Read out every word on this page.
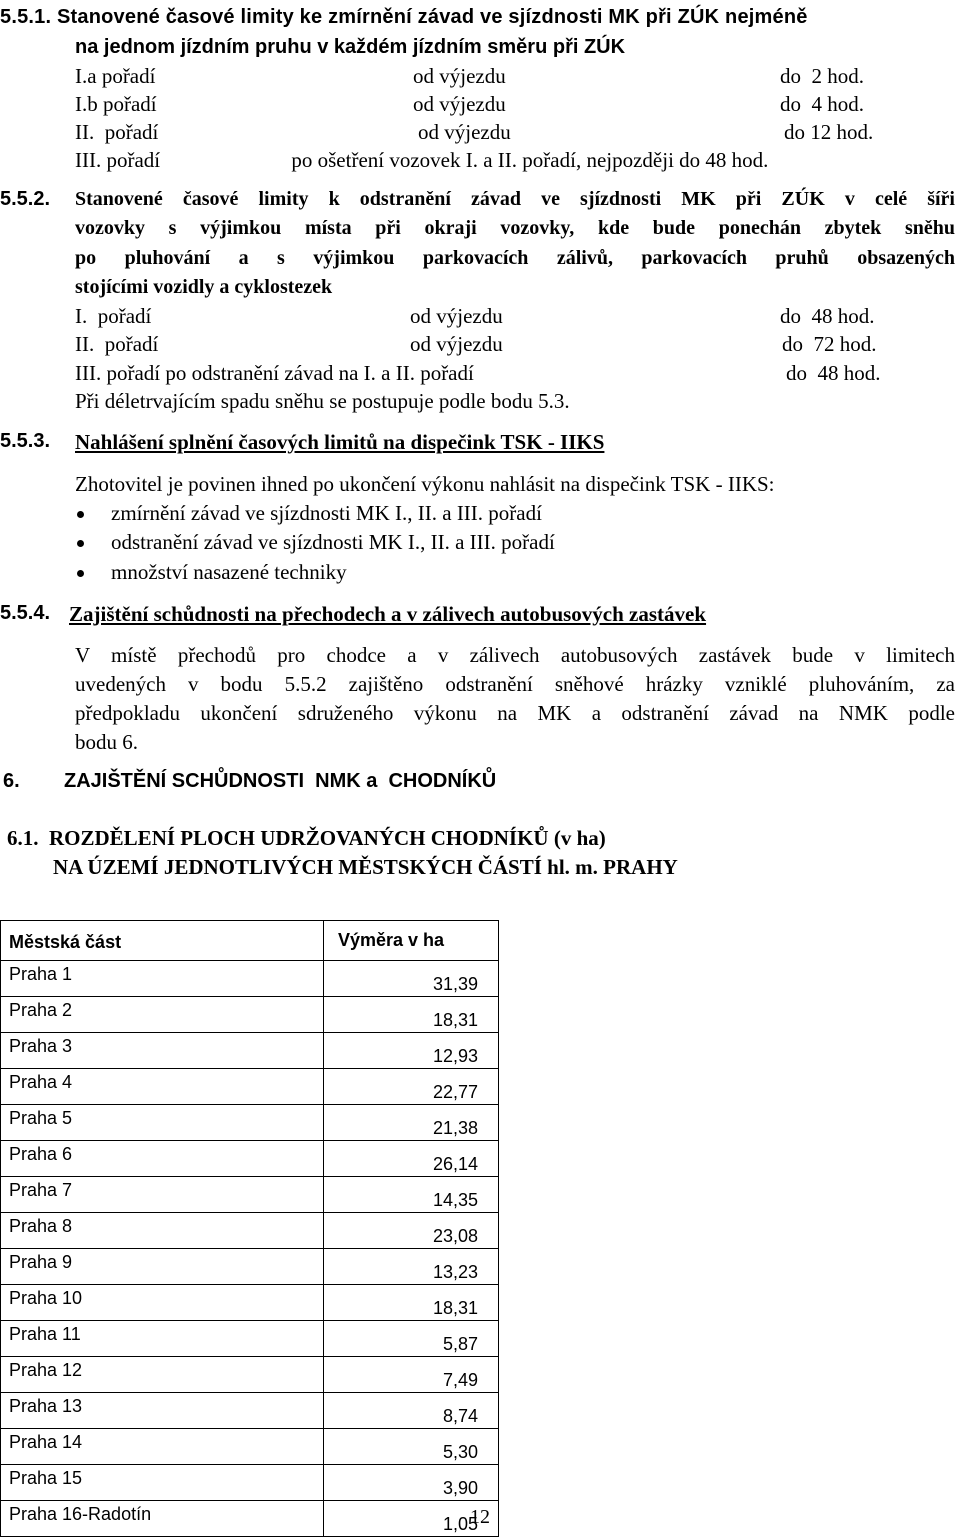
5.5.1. Stanovené časové limity ke zmírnění závad ve sjízdnosti MK při ZÚK nejméně
na jednom jízdním pruhu v každém jízdním směru při ZÚK
I.a pořadí	od výjezdu	do  2 hod.
I.b pořadí	od výjezdu	do  4 hod.
II.  pořadí	od výjezdu	do 12 hod.
III. pořadí                         po ošetření vozovek I. a II. pořadí, nejpozději do 48 hod.
5.5.2. Stanovené časové limity k odstranění závad ve sjízdnosti MK při ZÚK v celé šíři
vozovky s výjimkou místa při okraji vozovky, kde bude ponechán zbytek sněhu
po pluhování a s výjimkou parkovacích zálivů, parkovacích pruhů obsazených
stojícími vozidly a cyklostezek
I.  pořadí	od výjezdu	do  48 hod.
II.  pořadí	od výjezdu	do  72 hod.
III. pořadí po odstranění závad na I. a II. pořadí	do  48 hod.
Při déletrvajícím spadu sněhu se postupuje podle bodu 5.3.
5.5.3. Nahlášení splnění časových limitů na dispečink TSK - IIKS
Zhotovitel je povinen ihned po ukončení výkonu nahlásit na dispečink TSK - IIKS:
zmírnění závad ve sjízdnosti MK I., II. a III. pořadí
odstranění závad ve sjízdnosti MK I., II. a III. pořadí
množství nasazené techniky
5.5.4. Zajištění schůdnosti na přechodech a v zálivech autobusových zastávek
V místě přechodů pro chodce a v zálivech autobusových zastávek bude v limitech
uvedených v bodu 5.5.2 zajištěno odstranění sněhové hrázky vzniklé pluhováním, za
předpokladu ukončení sdruženého výkonu na MK a odstranění závad na NMK podle
bodu 6.
6. ZAJIŠTĚNÍ SCHŮDNOSTI  NMK a  CHODNÍKŮ
6.1.  ROZDĚLENÍ PLOCH UDRŽOVANÝCH CHODNÍKŮ (v ha)
NA ÚZEMÍ JEDNOTLIVÝCH MĚSTSKÝCH ČÁSTÍ hl. m. PRAHY
Městská část	Výměra v ha
Praha 1	31,39
Praha 2	18,31
Praha 3	12,93
Praha 4	22,77
Praha 5	21,38
Praha 6	26,14
Praha 7	14,35
Praha 8	23,08
Praha 9	13,23
Praha 10	18,31
Praha 11	5,87
Praha 12	7,49
Praha 13	8,74
Praha 14	5,30
Praha 15	3,90
Praha 16-Radotín	1,05
12
